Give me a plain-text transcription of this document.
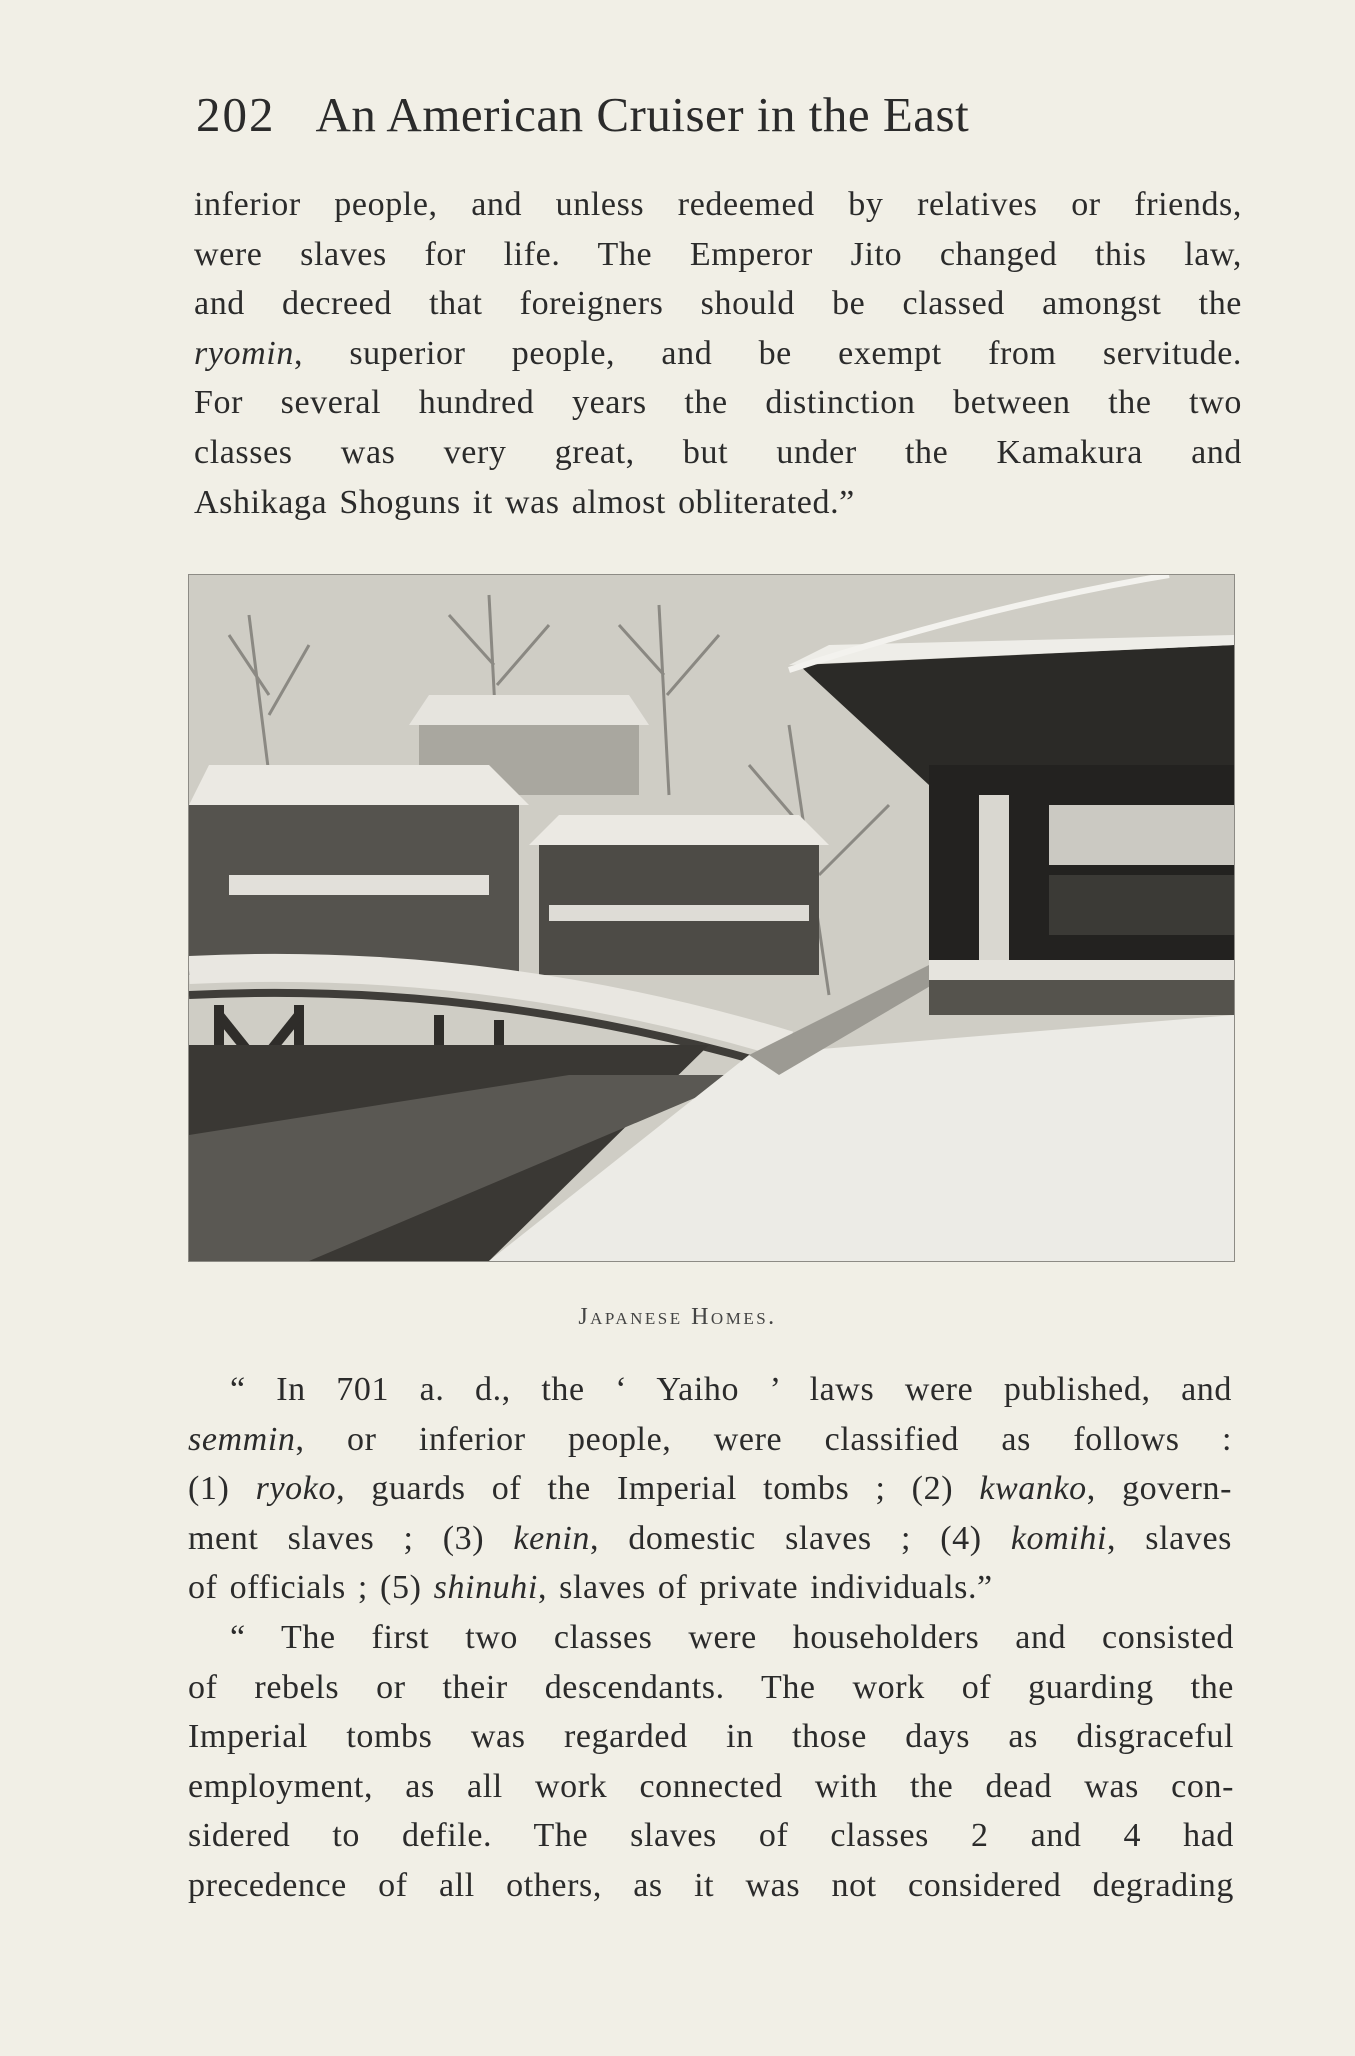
202 An American Cruiser in the East
inferior people, and unless redeemed by relatives or friends,
were slaves for life. The Emperor Jito changed this law,
and decreed that foreigners should be classed amongst the
ryomin, superior people, and be exempt from servitude.
For several hundred years the distinction between the two
classes was very great, but under the Kamakura and
Ashikaga Shoguns it was almost obliterated.”
Japanese Homes.
“ In 701 a. d., the ‘ Yaiho ’ laws were published, and
semmin, or inferior people, were classified as follows :
(1) ryoko, guards of the Imperial tombs ; (2) kwanko, govern-
ment slaves ; (3) kenin, domestic slaves ; (4) komihi, slaves
of officials ; (5) shinuhi, slaves of private individuals.”
“ The first two classes were householders and consisted
of rebels or their descendants. The work of guarding the
Imperial tombs was regarded in those days as disgraceful
employment, as all work connected with the dead was con-
sidered to defile. The slaves of classes 2 and 4 had
precedence of all others, as it was not considered degrading
